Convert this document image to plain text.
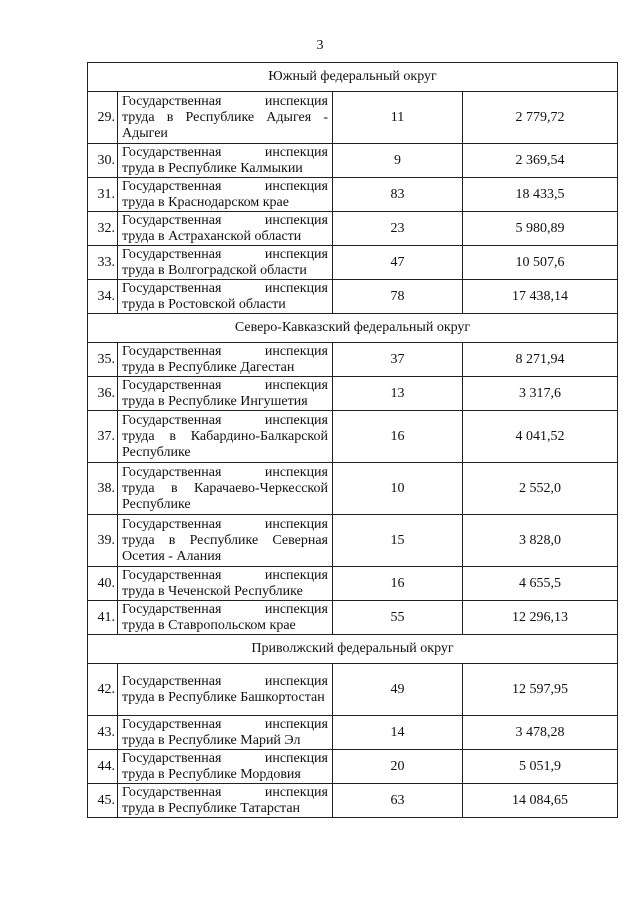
3
Южный федеральный округ			
29.	Государственная инспекция
труда в Республике Адыгея - Адыгеи	11	2 779,72
30.	Государственная инспекция
труда в Республике Калмыкии	9	2 369,54
31.	Государственная инспекция
труда в Краснодарском крае	83	18 433,5
32.	Государственная инспекция
труда в Астраханской области	23	5 980,89
33.	Государственная инспекция
труда в Волгоградской области	47	10 507,6
34.	Государственная инспекция
труда в Ростовской области	78	17 438,14
Северо-Кавказский федеральный округ			
35.	Государственная инспекция
труда в Республике Дагестан	37	8 271,94
36.	Государственная инспекция
труда в Республике Ингушетия	13	3 317,6
37.	Государственная инспекция
труда в Кабардино-Балкарской Республике	16	4 041,52
38.	Государственная инспекция
труда в Карачаево-Черкесской Республике	10	2 552,0
39.	Государственная инспекция
труда в Республике Северная Осетия - Алания	15	3 828,0
40.	Государственная инспекция
труда в Чеченской Республике	16	4 655,5
41.	Государственная инспекция
труда в Ставропольском крае	55	12 296,13
Приволжский федеральный округ			
42.	Государственная инспекция
труда в Республике Башкортостан	49	12 597,95
43.	Государственная инспекция
труда в Республике Марий Эл	14	3 478,28
44.	Государственная инспекция
труда в Республике Мордовия	20	5 051,9
45.	Государственная инспекция
труда в Республике Татарстан	63	14 084,65
